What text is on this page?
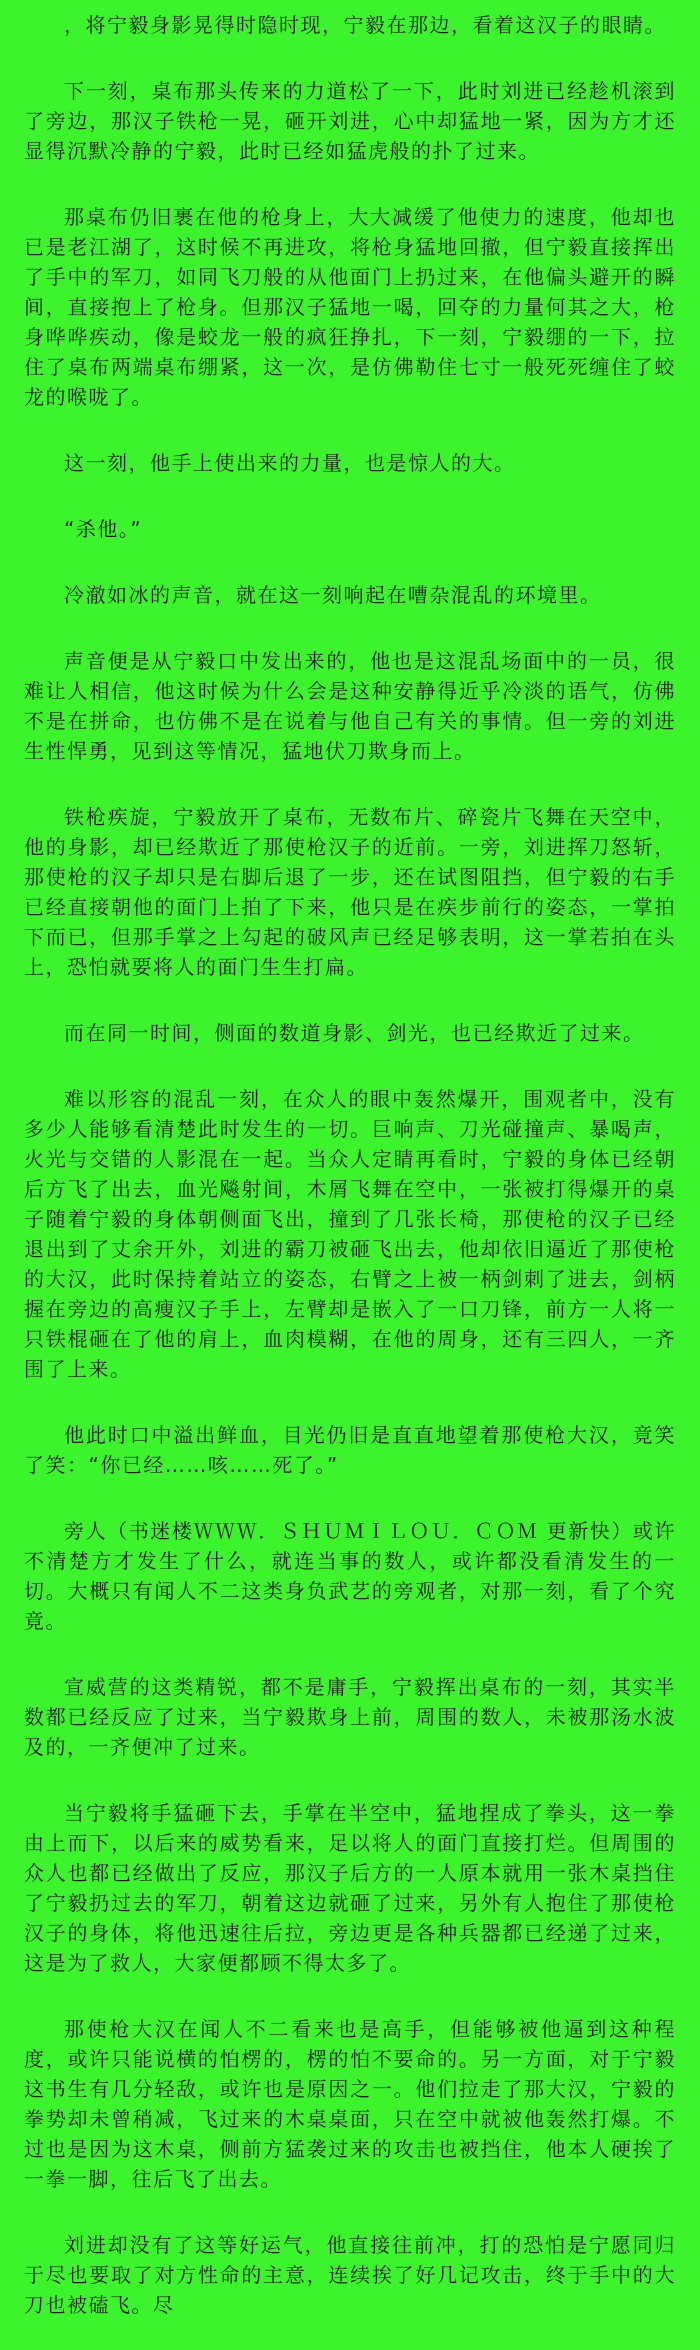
，将宁毅身影晃得时隐时现，宁毅在那边，看着这汉子的眼睛。

下一刻，桌布那头传来的力道松了一下，此时刘进已经趁机滚到了旁边，那汉子铁枪一晃，砸开刘进，心中却猛地一紧，因为方才还显得沉默冷静的宁毅，此时已经如猛虎般的扑了过来。

那桌布仍旧裹在他的枪身上，大大减缓了他使力的速度，他却也已是老江湖了，这时候不再进攻，将枪身猛地回撤，但宁毅直接挥出了手中的军刀，如同飞刀般的从他面门上扔过来，在他偏头避开的瞬间，直接抱上了枪身。但那汉子猛地一喝，回夺的力量何其之大，枪身哗哗疾动，像是蛟龙一般的疯狂挣扎，下一刻，宁毅绷的一下，拉住了桌布两端桌布绷紧，这一次，是仿佛勒住七寸一般死死缠住了蛟龙的喉咙了。

这一刻，他手上使出来的力量，也是惊人的大。

“杀他。”

冷澈如冰的声音，就在这一刻响起在嘈杂混乱的环境里。

声音便是从宁毅口中发出来的，他也是这混乱场面中的一员，很难让人相信，他这时候为什么会是这种安静得近乎冷淡的语气，仿佛不是在拼命，也仿佛不是在说着与他自己有关的事情。但一旁的刘进生性悍勇，见到这等情况，猛地伏刀欺身而上。

铁枪疾旋，宁毅放开了桌布，无数布片、碎瓷片飞舞在天空中，他的身影，却已经欺近了那使枪汉子的近前。一旁，刘进挥刀怒斩，那使枪的汉子却只是右脚后退了一步，还在试图阻挡，但宁毅的右手已经直接朝他的面门上拍了下来，他只是在疾步前行的姿态，一掌拍下而已，但那手掌之上勾起的破风声已经足够表明，这一掌若拍在头上，恐怕就要将人的面门生生打扁。

而在同一时间，侧面的数道身影、剑光，也已经欺近了过来。

难以形容的混乱一刻，在众人的眼中轰然爆开，围观者中，没有多少人能够看清楚此时发生的一切。巨响声、刀光碰撞声、暴喝声，火光与交错的人影混在一起。当众人定睛再看时，宁毅的身体已经朝后方飞了出去，血光飚射间，木屑飞舞在空中，一张被打得爆开的桌子随着宁毅的身体朝侧面飞出，撞到了几张长椅，那使枪的汉子已经退出到了丈余开外，刘进的霸刀被砸飞出去，他却依旧逼近了那使枪的大汉，此时保持着站立的姿态，右臂之上被一柄剑刺了进去，剑柄握在旁边的高瘦汉子手上，左臂却是嵌入了一口刀锋，前方一人将一只铁棍砸在了他的肩上，血肉模糊，在他的周身，还有三四人，一齐围了上来。

他此时口中溢出鲜血，目光仍旧是直直地望着那使枪大汉，竟笑了笑：“你已经……咳……死了。”

旁人（书迷楼ＷＷＷ．ＳＨＵＭＩＬＯＵ．ＣＯＭ 更新快）或许不清楚方才发生了什么，就连当事的数人，或许都没看清发生的一切。大概只有闻人不二这类身负武艺的旁观者，对那一刻，看了个究竟。

宣威营的这类精锐，都不是庸手，宁毅挥出桌布的一刻，其实半数都已经反应了过来，当宁毅欺身上前，周围的数人，未被那汤水波及的，一齐便冲了过来。

当宁毅将手猛砸下去，手掌在半空中，猛地捏成了拳头，这一拳由上而下，以后来的威势看来，足以将人的面门直接打烂。但周围的众人也都已经做出了反应，那汉子后方的一人原本就用一张木桌挡住了宁毅扔过去的军刀，朝着这边就砸了过来，另外有人抱住了那使枪汉子的身体，将他迅速往后拉，旁边更是各种兵器都已经递了过来，这是为了救人，大家便都顾不得太多了。

那使枪大汉在闻人不二看来也是高手，但能够被他逼到这种程度，或许只能说横的怕楞的，楞的怕不要命的。另一方面，对于宁毅这书生有几分轻敌，或许也是原因之一。他们拉走了那大汉，宁毅的拳势却未曾稍减，飞过来的木桌桌面，只在空中就被他轰然打爆。不过也是因为这木桌，侧前方猛袭过来的攻击也被挡住，他本人硬挨了一拳一脚，往后飞了出去。

刘进却没有了这等好运气，他直接往前冲，打的恐怕是宁愿同归于尽也要取了对方性命的主意，连续挨了好几记攻击，终于手中的大刀也被磕飞。尽
